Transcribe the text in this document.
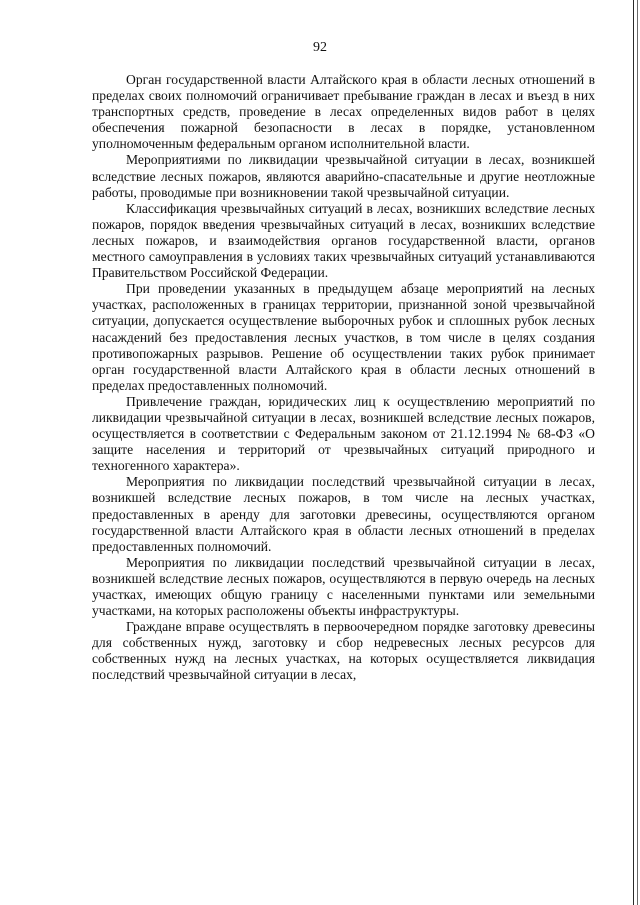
92

Орган государственной власти Алтайского края в области лесных отношений в пределах своих полномочий ограничивает пребывание граждан в лесах и въезд в них транспортных средств, проведение в лесах определенных видов работ в целях обеспечения пожарной безопасности в лесах в порядке, установленном уполномоченным федеральным органом исполнительной власти.

Мероприятиями по ликвидации чрезвычайной ситуации в лесах, возникшей вследствие лесных пожаров, являются аварийно-спасательные и другие неотложные работы, проводимые при возникновении такой чрезвычайной ситуации.

Классификация чрезвычайных ситуаций в лесах, возникших вследствие лесных пожаров, порядок введения чрезвычайных ситуаций в лесах, возникших вследствие лесных пожаров, и взаимодействия органов государственной власти, органов местного самоуправления в условиях таких чрезвычайных ситуаций устанавливаются Правительством Российской Федерации.

При проведении указанных в предыдущем абзаце мероприятий на лесных участках, расположенных в границах территории, признанной зоной чрезвычайной ситуации, допускается осуществление выборочных рубок и сплошных рубок лесных насаждений без предоставления лесных участков, в том числе в целях создания противопожарных разрывов. Решение об осуществлении таких рубок принимает орган государственной власти Алтайского края в области лесных отношений в пределах предоставленных полномочий.

Привлечение граждан, юридических лиц к осуществлению мероприятий по ликвидации чрезвычайной ситуации в лесах, возникшей вследствие лесных пожаров, осуществляется в соответствии с Федеральным законом от 21.12.1994 № 68-ФЗ «О защите населения и территорий от чрезвычайных ситуаций природного и техногенного характера».

Мероприятия по ликвидации последствий чрезвычайной ситуации в лесах, возникшей вследствие лесных пожаров, в том числе на лесных участках, предоставленных в аренду для заготовки древесины, осуществляются органом государственной власти Алтайского края в области лесных отношений в пределах предоставленных полномочий.

Мероприятия по ликвидации последствий чрезвычайной ситуации в лесах, возникшей вследствие лесных пожаров, осуществляются в первую очередь на лесных участках, имеющих общую границу с населенными пунктами или земельными участками, на которых расположены объекты инфраструктуры.

Граждане вправе осуществлять в первоочередном порядке заготовку древесины для собственных нужд, заготовку и сбор недревесных лесных ресурсов для собственных нужд на лесных участках, на которых осуществляется ликвидация последствий чрезвычайной ситуации в лесах,
